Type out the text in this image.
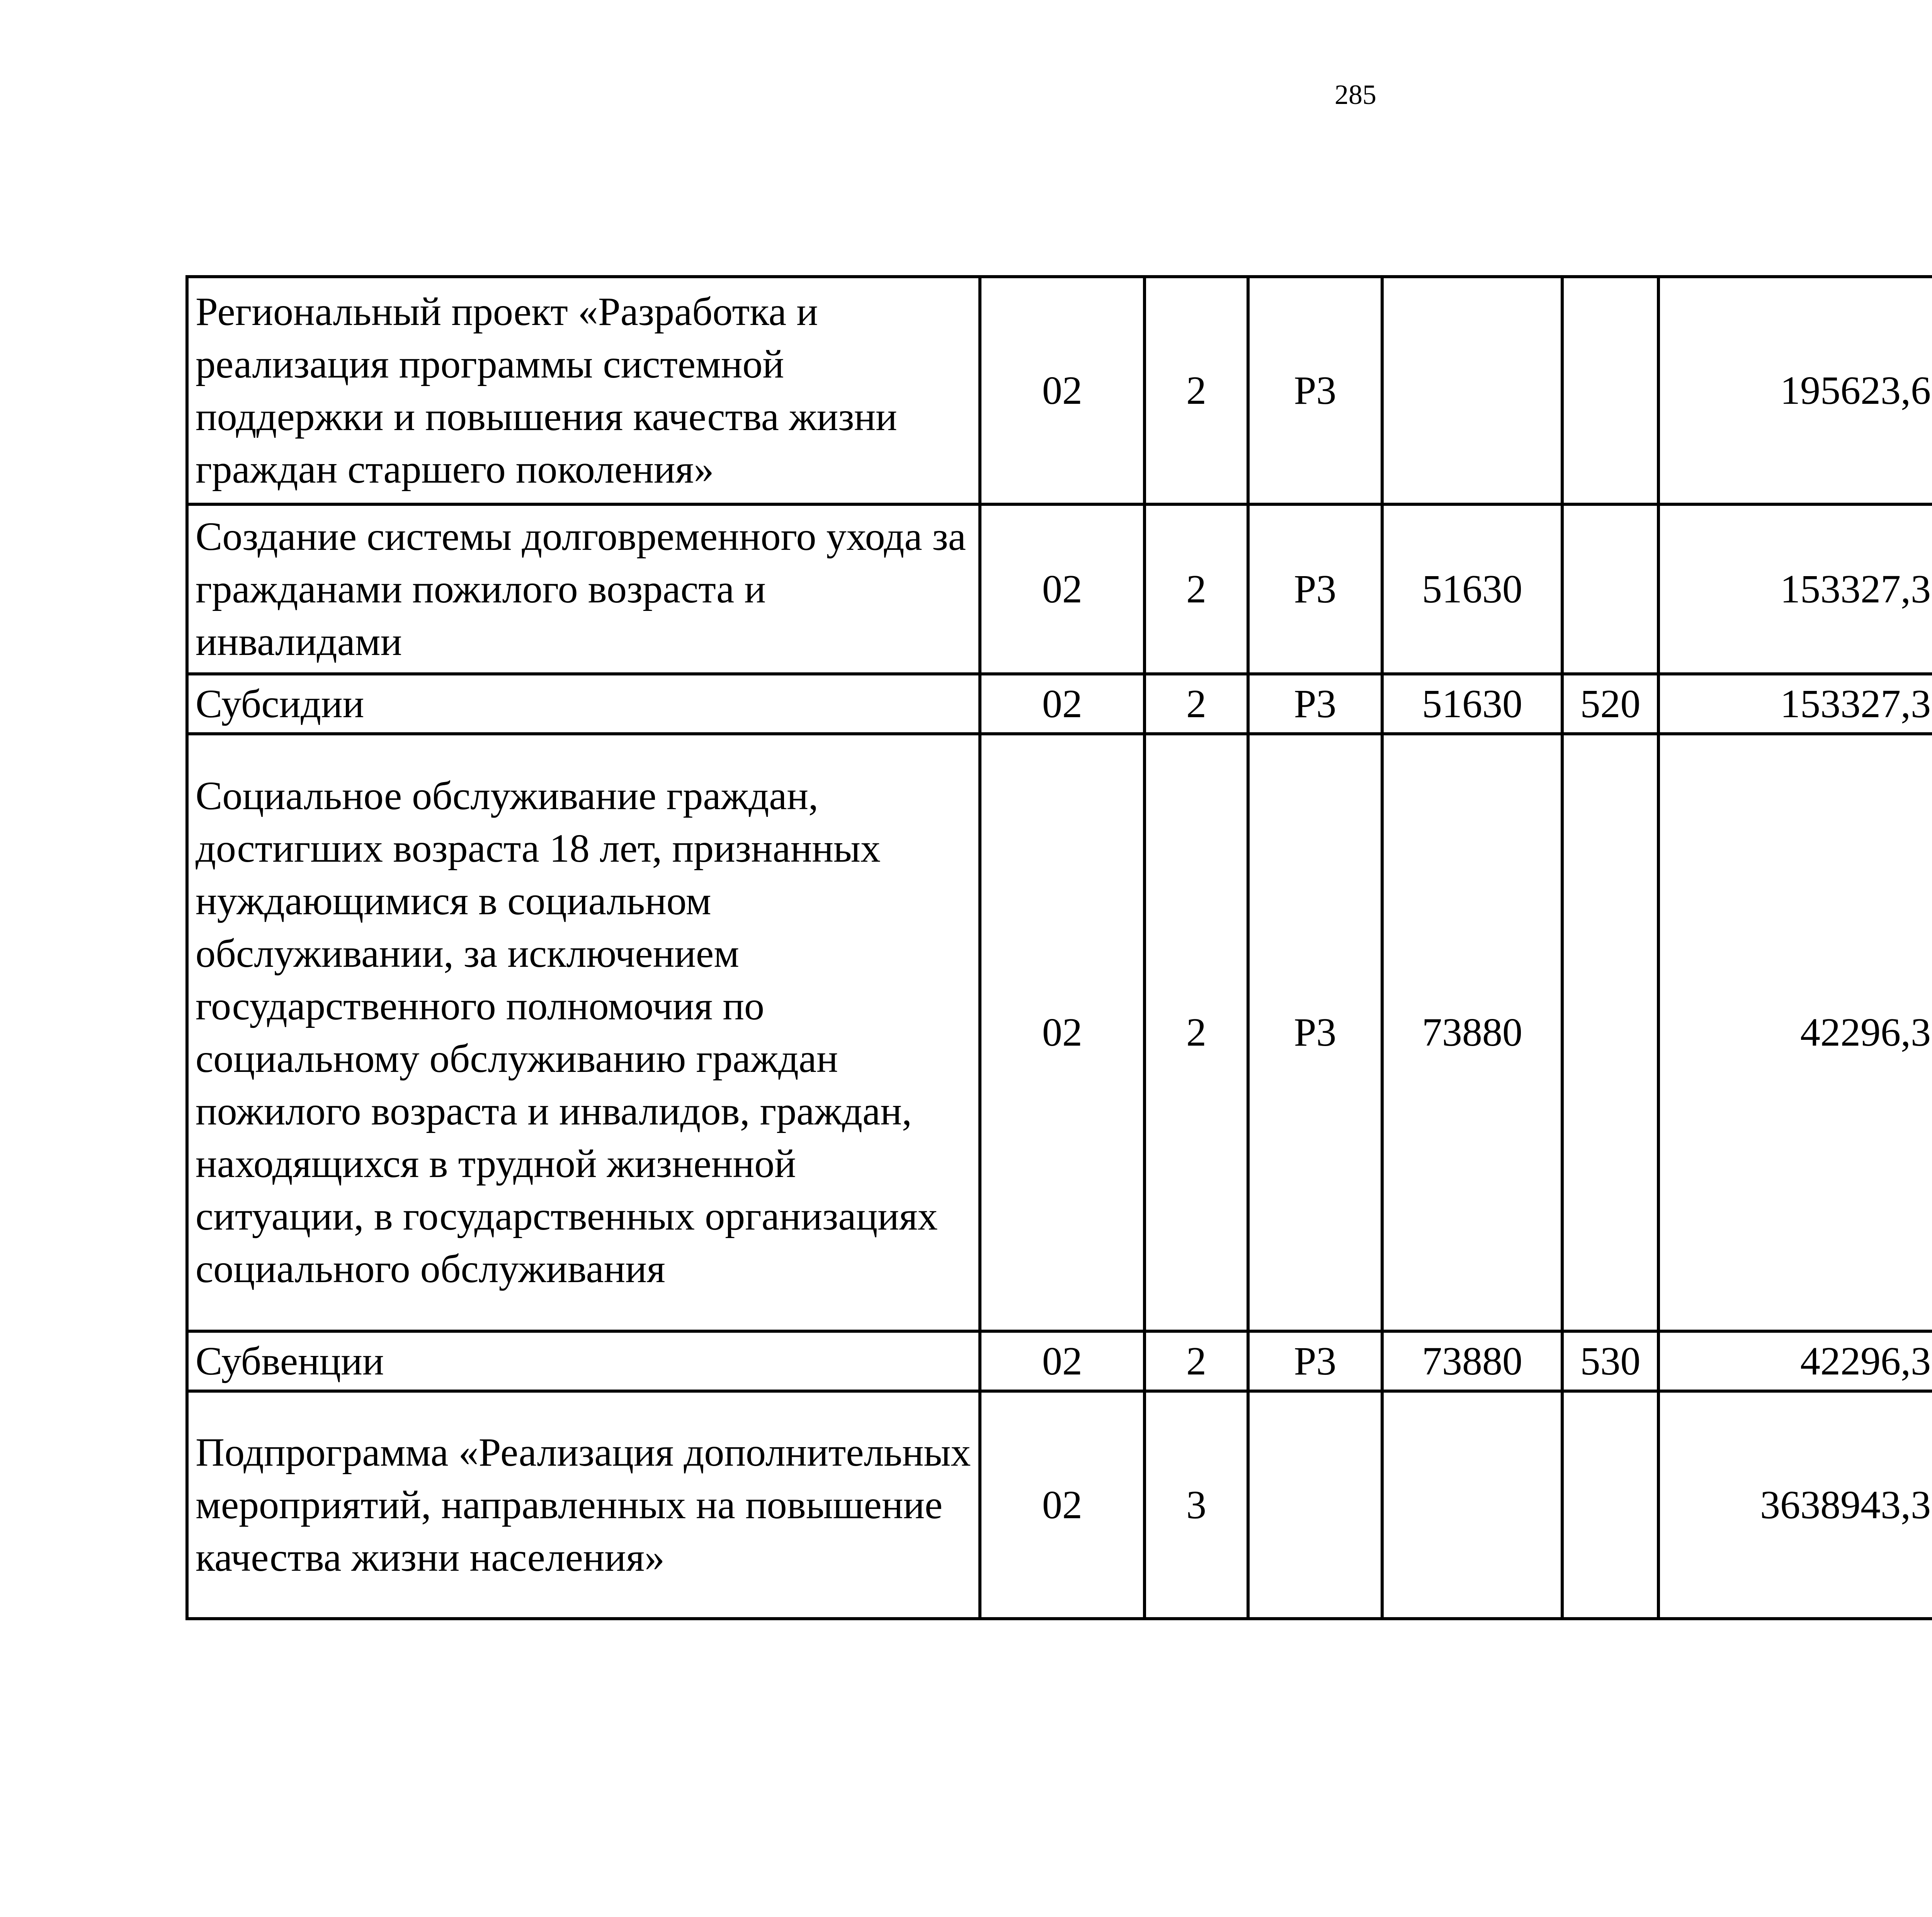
285
Региональный проект «Разработка и реализация программы системной поддержки и повышения качества жизни граждан старшего поколения»	02	2	Р3			195623,6		
Создание системы долговременного ухода за гражданами пожилого возраста и инвалидами	02	2	Р3	51630		153327,3		
Субсидии	02	2	Р3	51630	520	153327,3		
Социальное обслуживание граждан, достигших возраста 18 лет, признанных нуждающимися в социальном обслуживании, за исключением государственного полномочия по социальному обслуживанию граждан пожилого возраста и инвалидов, граждан, находящихся в трудной жизненной ситуации, в государственных организациях социального обслуживания	02	2	Р3	73880		42296,3		
Субвенции	02	2	Р3	73880	530	42296,3		
Подпрограмма «Реализация дополнительных мероприятий, направленных на повышение качества жизни населения»	02	3				3638943,3		
